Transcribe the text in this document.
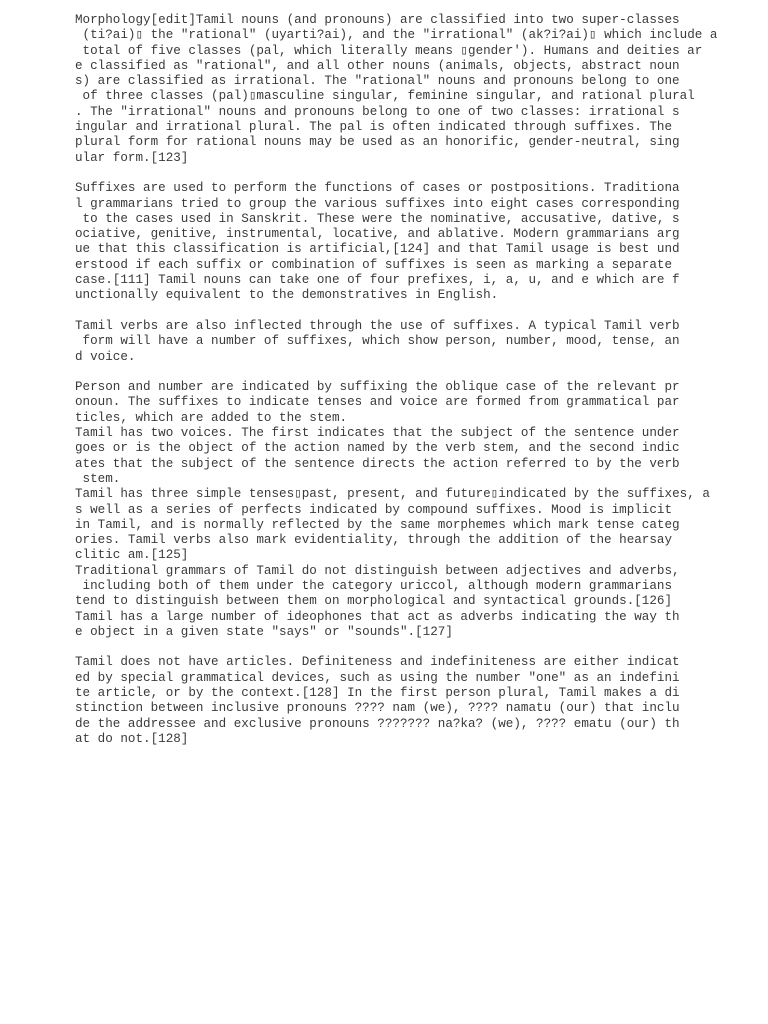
Morphology[edit]Tamil nouns (and pronouns) are classified into two super-classes
(ti?ai)▯ the "rational" (uyarti?ai), and the "irrational" (ak?i?ai)▯ which include a
total of five classes (pal, which literally means ▯gender'). Humans and deities ar
e classified as "rational", and all other nouns (animals, objects, abstract noun
s) are classified as irrational. The "rational" nouns and pronouns belong to one
of three classes (pal)▯masculine singular, feminine singular, and rational plural
. The "irrational" nouns and pronouns belong to one of two classes: irrational s
ingular and irrational plural. The pal is often indicated through suffixes. The
plural form for rational nouns may be used as an honorific, gender-neutral, sing
ular form.[123]
Suffixes are used to perform the functions of cases or postpositions. Traditiona
l grammarians tried to group the various suffixes into eight cases corresponding
to the cases used in Sanskrit. These were the nominative, accusative, dative, s
ociative, genitive, instrumental, locative, and ablative. Modern grammarians arg
ue that this classification is artificial,[124] and that Tamil usage is best und
erstood if each suffix or combination of suffixes is seen as marking a separate
case.[111] Tamil nouns can take one of four prefixes, i, a, u, and e which are f
unctionally equivalent to the demonstratives in English.
Tamil verbs are also inflected through the use of suffixes. A typical Tamil verb
form will have a number of suffixes, which show person, number, mood, tense, an
d voice.
Person and number are indicated by suffixing the oblique case of the relevant pr
onoun. The suffixes to indicate tenses and voice are formed from grammatical par
ticles, which are added to the stem.
Tamil has two voices. The first indicates that the subject of the sentence under
goes or is the object of the action named by the verb stem, and the second indic
ates that the subject of the sentence directs the action referred to by the verb
stem.
Tamil has three simple tenses▯past, present, and future▯indicated by the suffixes, a
s well as a series of perfects indicated by compound suffixes. Mood is implicit
in Tamil, and is normally reflected by the same morphemes which mark tense categ
ories. Tamil verbs also mark evidentiality, through the addition of the hearsay
clitic am.[125]
Traditional grammars of Tamil do not distinguish between adjectives and adverbs,
including both of them under the category uriccol, although modern grammarians
tend to distinguish between them on morphological and syntactical grounds.[126]
Tamil has a large number of ideophones that act as adverbs indicating the way th
e object in a given state "says" or "sounds".[127]
Tamil does not have articles. Definiteness and indefiniteness are either indicat
ed by special grammatical devices, such as using the number "one" as an indefini
te article, or by the context.[128] In the first person plural, Tamil makes a di
stinction between inclusive pronouns ???? nam (we), ???? namatu (our) that inclu
de the addressee and exclusive pronouns ??????? na?ka? (we), ???? ematu (our) th
at do not.[128]
